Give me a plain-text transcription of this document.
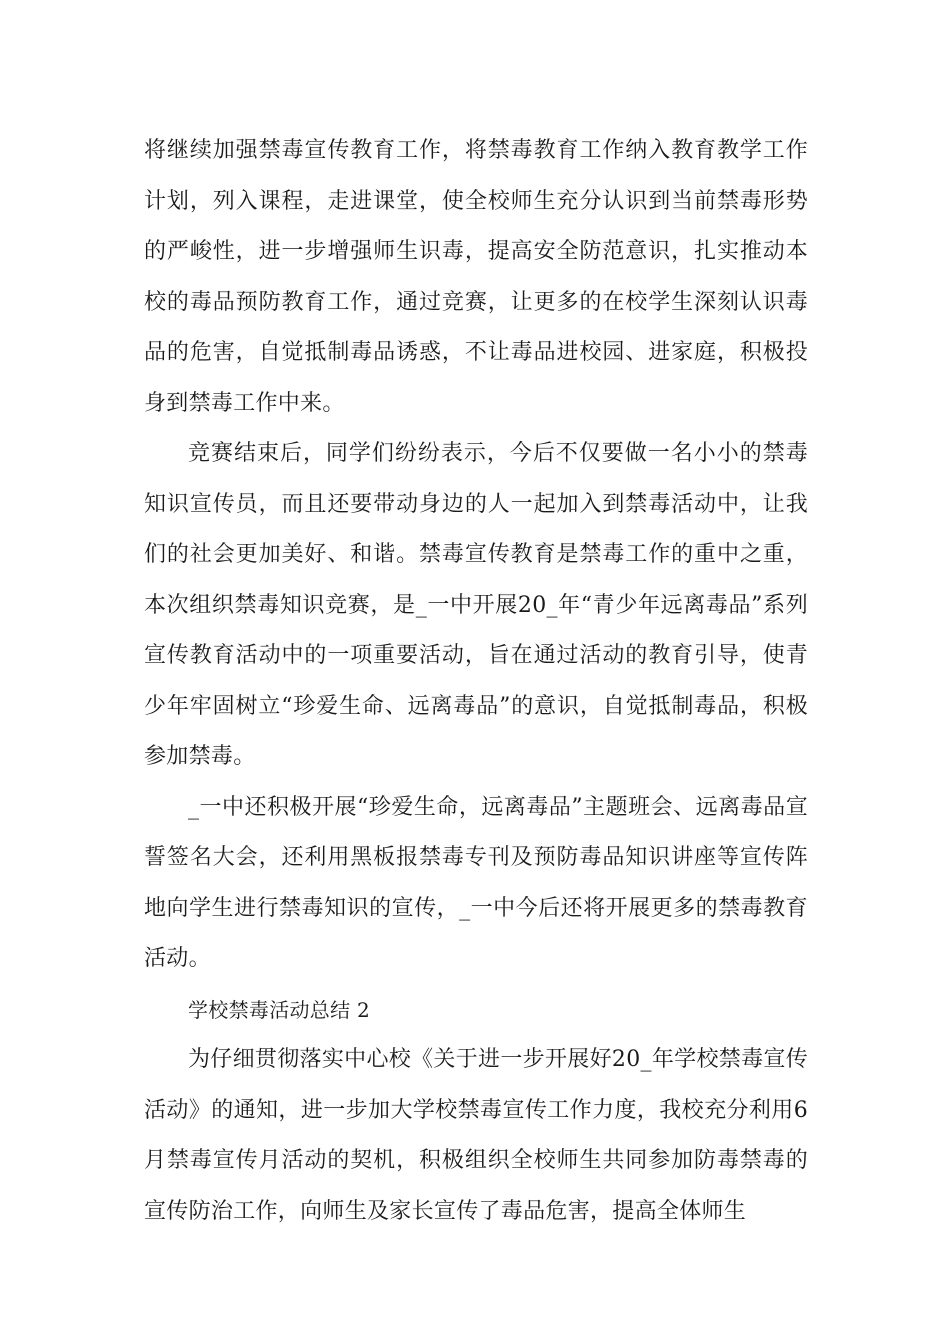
将继续加强禁毒宣传教育工作，将禁毒教育工作纳入教育教学工作计划，列入课程，走进课堂，使全校师生充分认识到当前禁毒形势的严峻性，进一步增强师生识毒，提高安全防范意识，扎实推动本校的毒品预防教育工作，通过竞赛，让更多的在校学生深刻认识毒品的危害，自觉抵制毒品诱惑，不让毒品进校园、进家庭，积极投身到禁毒工作中来。

竞赛结束后，同学们纷纷表示，今后不仅要做一名小小的禁毒知识宣传员，而且还要带动身边的人一起加入到禁毒活动中，让我们的社会更加美好、和谐。禁毒宣传教育是禁毒工作的重中之重，本次组织禁毒知识竞赛，是_一中开展20_年“青少年远离毒品”系列宣传教育活动中的一项重要活动，旨在通过活动的教育引导，使青少年牢固树立“珍爱生命、远离毒品”的意识，自觉抵制毒品，积极参加禁毒。

_一中还积极开展“珍爱生命，远离毒品”主题班会、远离毒品宣誓签名大会，还利用黑板报禁毒专刊及预防毒品知识讲座等宣传阵地向学生进行禁毒知识的宣传，_一中今后还将开展更多的禁毒教育活动。

学校禁毒活动总结 2

为仔细贯彻落实中心校《关于进一步开展好20_年学校禁毒宣传活动》的通知，进一步加大学校禁毒宣传工作力度，我校充分利用6月禁毒宣传月活动的契机，积极组织全校师生共同参加防毒禁毒的宣传防治工作，向师生及家长宣传了毒品危害，提高全体师生
